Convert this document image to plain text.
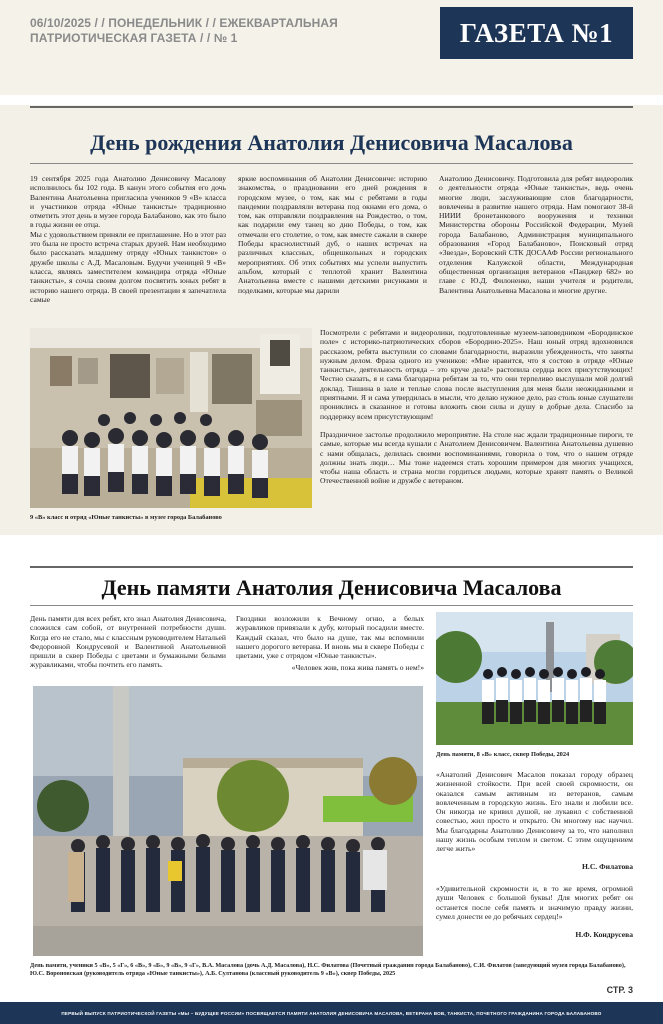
06/10/2025 / / ПОНЕДЕЛЬНИК / / ЕЖЕКВАРТАЛЬНАЯ ПАТРИОТИЧЕСКАЯ ГАЗЕТА / / № 1	ГАЗЕТА №1
День рождения Анатолия Денисовича Масалова

19 сентября 2025 года Анатолию Денисовичу Масалову исполнилось бы 102 года. В канун этого события его дочь Валентина Анатольевна пригласила учеников 9 «В» класса и участников отряда «Юные танкисты» традиционно отметить этот день в музее города Балабаново, как это было в годы жизни ее отца.

Мы с удовольствием приняли ее приглашение. Но в этот раз это была не просто встреча старых друзей. Нам необходимо было рассказать младшему отряду «Юных танкистов» о дружбе школы с А.Д. Масаловым. Будучи ученицей 9 «В» класса, являясь заместителем командира отряда «Юные танкисты», я сочла своим долгом посвятить юных ребят в историю нашего отряда. В своей презентации я запечатлела самые

яркие воспоминания об Анатолии Денисовиче: историю знакомства, о праздновании его дней рождения в городском музее, о том, как мы с ребятами в годы пандемии поздравляли ветерана под окнами его дома, о том, как отправляли поздравления на Рождество, о том, как подарили ему танец ко дню Победы, о том, как отмечали его столетие, о том, как вместе сажали в сквере Победы краснолистный дуб, о наших встречах на различных классных, общешкольных и городских мероприятиях. Об этих событиях мы успели выпустить альбом, который с теплотой хранит Валентина Анатольевна вместе с нашими детскими рисунками и поделками, которые мы дарили
Анатолию Денисовичу. Подготовила для ребят видеоролик о деятельности отряда «Юные танкисты», ведь очень многие люди, заслуживающие слов благодарности, вовлечены в развитие нашего отряда. Нам помогают 38-й НИИИ бронетанкового вооружения и техники Министерства обороны Российской Федерации, Музей города Балабаново, Администрация муниципального образования «Город Балабаново», Поисковый отряд «Звезда», Боровский СТК ДОСААФ России регионального отделения Калужской области, Международная общественная организация ветеранов «Панджер 682» во главе с Ю.Д. Филоненко, наши учителя и родители, Валентина Анатольевна Масалова и многие другие.
9 «В» класс и отряд «Юные танкисты» в музее города Балабаново

Посмотрели с ребятами и видеоролики, подготовленные музеем-заповедником «Бородинское поле» с историко-патриотических сборов «Бородино-2025». Наш юный отряд вдохновился рассказом, ребята выступили со словами благодарности, выразили убежденность, что заняты нужным делом. Фраза одного из учеников: «Мне нравится, что я состою в отряде «Юные танкисты», деятельность отряда – это круче дела!» растопила сердца всех присутствующих! Честно сказать, я и сама благодарна ребятам за то, что они терпеливо выслушали мой долгий доклад. Тишина в зале и теплые слова после выступления для меня были неожиданными и приятными. Я и сама утвердилась в мысли, что делаю нужное дело, раз столь юные слушатели прониклись в сказанное и готовы вложить свои силы и душу в добрые дела. Спасибо за поддержку всем присутствующим!

Праздничное застолье продолжило мероприятие. На столе нас ждали традиционные пироги, те самые, которые мы всегда кушали с Анатолием Денисовичем. Валентина Анатольевна душевно с нами общалась, делилась своими воспоминаниями, говорила о том, что о нашем отряде должны знать люди… Мы тоже надеемся стать хорошим примером для многих учащихся, чтобы наша область и страна могли гордиться людьми, которые хранят память о Великой Отечественной войне и дружбе с ветераном.

День памяти Анатолия Денисовича Масалова
День памяти для всех ребят, кто знал Анатолия Денисовича, сложился сам собой, от внутренней потребности души. Когда его не стало, мы с классным руководителем Натальей Федоровной Кондрусевой и Валентиной Анатольевной пришли в сквер Победы с цветами и бумажными белыми журавликами, чтобы почтить его память.

Гвоздики возложили к Вечному огню, а белых журавликов привязали к дубу, который посадили вместе. Каждый сказал, что было на душе, так мы вспомнили нашего дорогого ветерана. И вновь мы в сквере Победы с цветами, уже с отрядом «Юные танкисты».

«Человек жив, пока жива память о нем!»

День памяти, 8 «В» класс, сквер Победы, 2024
«Анатолий Денисович Масалов показал городу образец жизненной стойкости. При всей своей скромности, он оказался самым активным из ветеранов, самым вовлеченным в городскую жизнь. Его знали и любили все. Он никогда не кривил душой, не лукавил с собственной совестью, жил просто и открыто. Он многому нас научил. Мы благодарны Анатолию Денисовичу за то, что наполнил нашу жизнь особым теплом и светом. С этим ощущением легче жить»
Н.С. Филатова
«Удивительной скромности и, в то же время, огромной души Человек с большой буквы! Для многих ребят он останется после себя память и значимую правду жизни, сумел донести ее до ребячьих сердец!»
Н.Ф. Кондрусева
День памяти, ученики 5 «В», 5 «Г», 6 «В», 9 «Б», 9 «В», 9 «Г», В.А. Масалова (дочь А.Д. Масалова), Н.С. Филатова (Почетный гражданин города Балабаново), С.И. Филатов (заведующий музея города Балабаново), Ю.С. Вороновская (руководитель отряда «Юные танкисты»), А.Б. Султанова (классный руководитель 9 «В»), сквер Победы, 2025
СТР. 3
ПЕРВЫЙ ВЫПУСК ПАТРИОТИЧЕСКОЙ ГАЗЕТЫ «МЫ – БУДУЩЕЕ РОССИИ» ПОСВЯЩАЕТСЯ ПАМЯТИ АНАТОЛИЯ ДЕНИСОВИЧА МАСАЛОВА, ВЕТЕРАНА ВОВ, ТАНКИСТА, ПОЧЕТНОГО ГРАЖДАНИНА ГОРОДА БАЛАБАНОВО
